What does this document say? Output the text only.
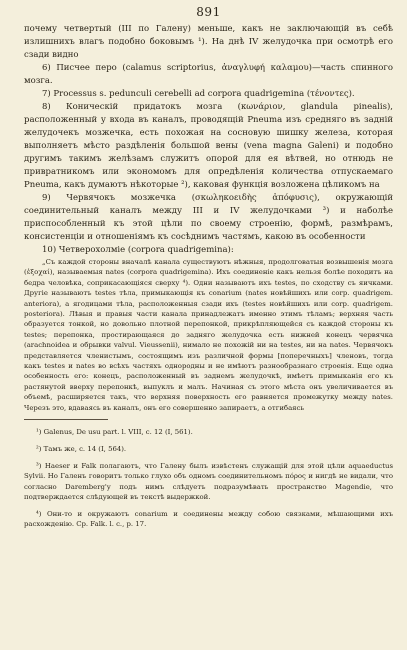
891

почему четвертый (III по Галену) меньше, какъ не заключающій въ себѣ излишнихъ влагъ подобно боковымъ ¹). На днѣ IV желудочка при осмотрѣ его сзади видно

6) Писчее перо (calamus scriptorius, ἀναγλυφή καλαμου)—часть спинного мозга.

7) Processus s. pedunculi cerebelli ad corpora quadrigemina (τένοντες).

8) Коническій придатокъ мозга (κωνάριον, glandula pinealis), расположенный у входа въ каналъ, проводящій Pneuma изъ средняго въ задній желудочекъ мозжечка, есть похожая на сосновую шишку железа, которая выполняетъ мѣсто раздѣленія большой вены (vena magna Galeni) и подобно другимъ такимъ желѣзамъ служитъ опорой для ея вѣтвей, но отнюдь не привратникомъ или экономомъ для опредѣленія количества отпускаемаго Pneuma, какъ думаютъ нѣкоторые ²), каковая функція возложена цѣликомъ на

9) Червячокъ мозжечка (σκωληκοειδὴς ἀπόφυσις), окружающій соединительный каналъ между III и IV желудочками ³) и наболѣе приспособленный къ этой цѣли по своему строенію, формѣ, размѣрамъ, консистенціи и отношеніямъ къ сосѣднимъ частямъ, какою въ особенности

10) Четверохолміе (corpora quadrigemina):

„Съ каждой стороны вначалѣ канала существуютъ нѣжныя, продолговатыя возвышенія мозга (ἐξοχαί), называемыя nates (corpora quadrigemina). Ихъ соединеніе какъ нельзя болѣе походитъ на бедра человѣка, соприкасающіяся сверху ⁴). Одни называютъ ихъ testes, по сходству съ яичками. Другіе называютъ testes тѣла, примыкающія къ conarium (natеs новѣйшихъ или corp. quadrigem. anteriora), а ягодицами тѣла, расположенныя сзади ихъ (testes новѣйшихъ или corp. quadrigem. posteriora). Лѣвыя и правыя части канала принадлежатъ именно этимъ тѣламъ; верхняя часть образуется тонкой, но довольно плотной перепонкой, прикрѣпляющейся съ каждой стороны къ testes; перепонка, простирающаяся до задняго желудочка есть нижней конецъ червячка (arachnoidea и обрывки valvul. Vieussenii), нимало не похожій ни на testes, ни на nates. Червячокъ представляется членистымъ, состоящимъ изъ различной формы [поперечныхъ] членовъ, тогда какъ testes и nates во всѣхъ частяхъ однородны и не имѣютъ разнообразнаго строенія. Еще одна особенность его: конецъ, расположенный въ заднемъ желудочкѣ, имѣетъ примыканія его къ растянутой вверху перепонкѣ, выпуклъ и малъ. Начиная съ этого мѣста онъ увеличивается въ объемѣ, расширяется такъ, что верхняя поверхность его равняется промежутку между nates. Черезъ это, вдаваясь въ каналъ, онъ его совершенно запираетъ, а отгибаясь

¹) Galenus, De usu part. l. VIII, c. 12 (I, 561).

²) Тамъ же, c. 14 (I, 564).

³) Haeser и Falk полагаютъ, что Галену былъ извѣстенъ служащій для этой цѣли aquaeductus Sylvii. Но Галенъ говоритъ только глухо объ одномъ соединительномъ πόρος и нигдѣ не видали, что согласно Daremberg'у подъ нимъ слѣдуетъ подразумѣвать пространство Magendie, что подтверждается слѣдующей въ текстѣ выдержкой.

⁴) Они-то и окружаютъ conarium и соединены между собою связками, мѣшающими ихъ расхожденію. Ср. Falk. l. c., p. 17.
